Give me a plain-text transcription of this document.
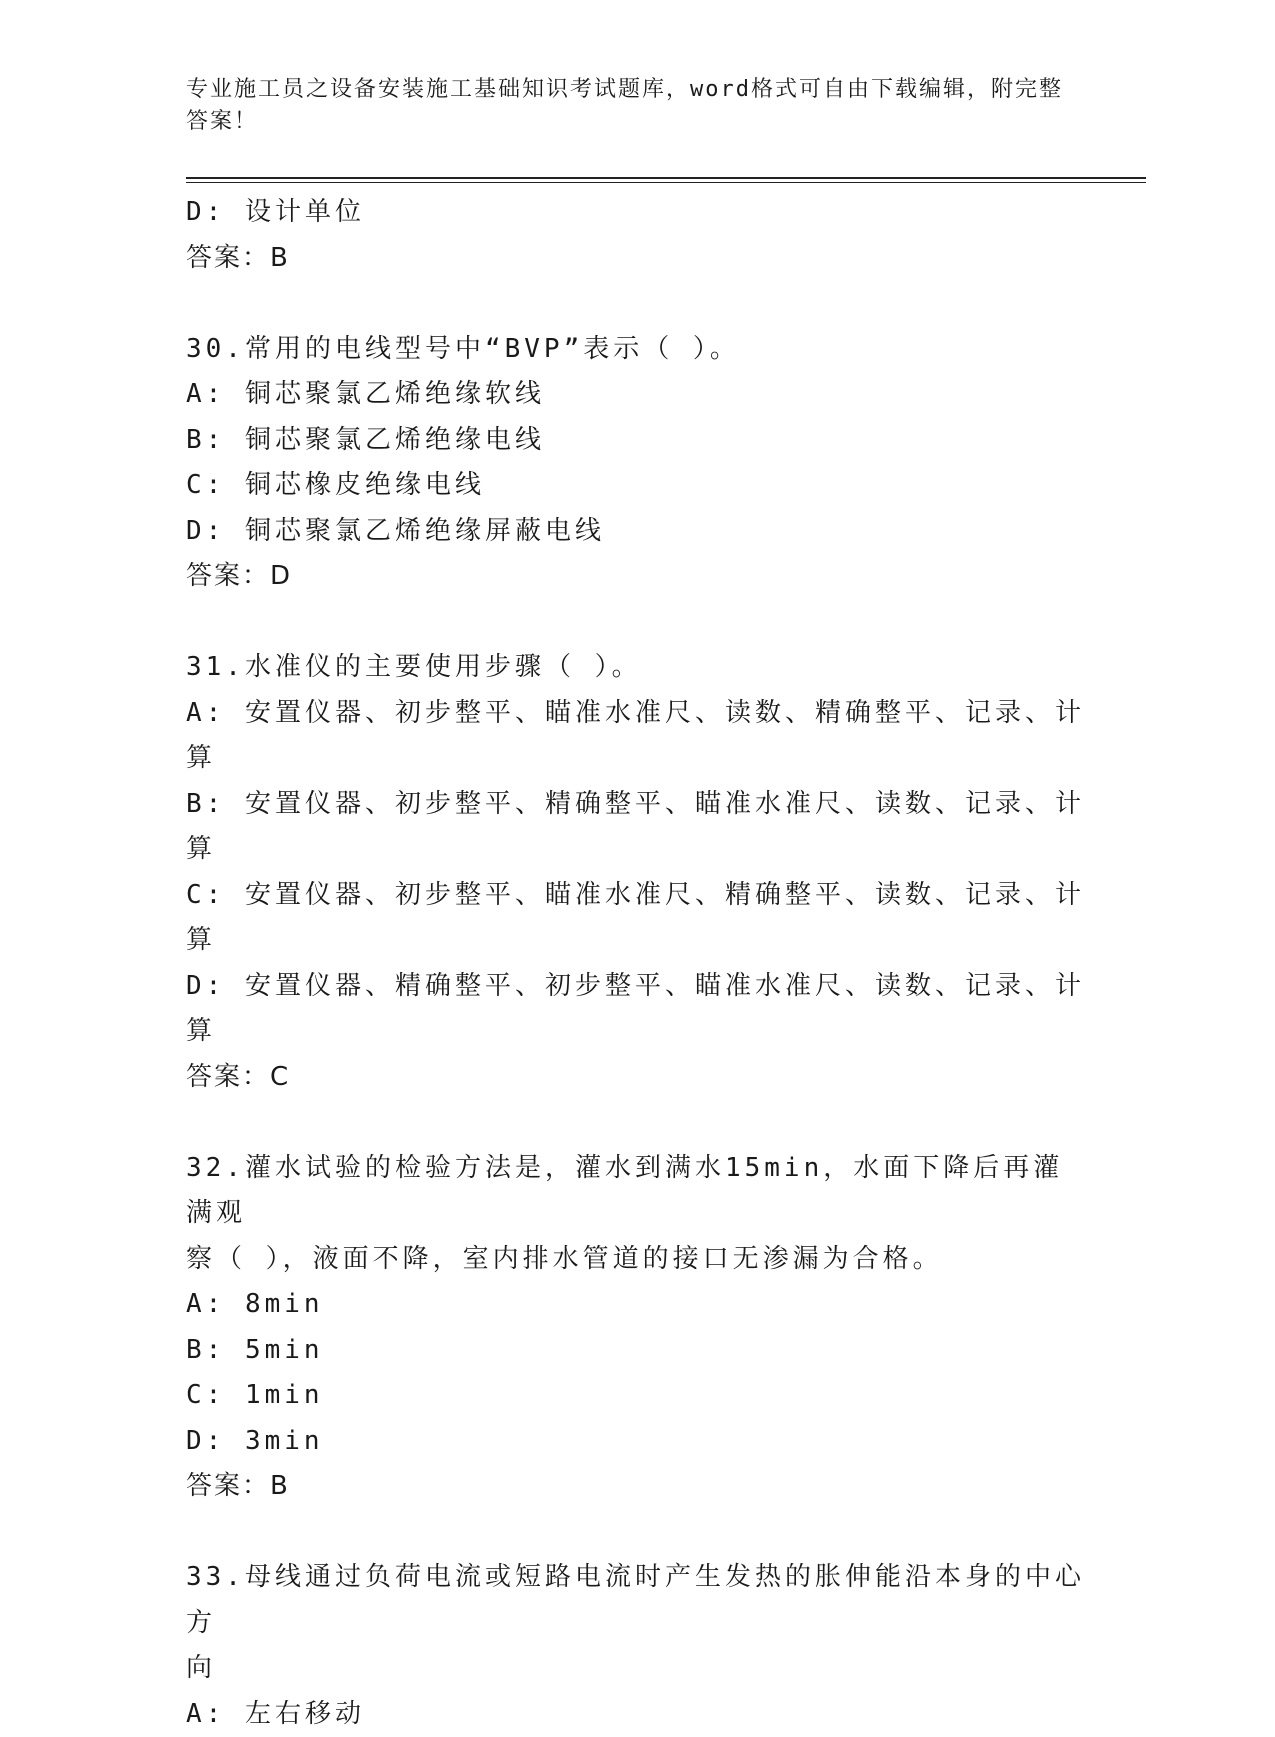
专业施工员之设备安装施工基础知识考试题库，word格式可自由下载编辑，附完整答案！
D: 设计单位
答案：B
30.常用的电线型号中“BVP”表示（ ）。
A: 铜芯聚氯乙烯绝缘软线
B: 铜芯聚氯乙烯绝缘电线
C: 铜芯橡皮绝缘电线
D: 铜芯聚氯乙烯绝缘屏蔽电线
答案：D
31.水准仪的主要使用步骤（ ）。
A: 安置仪器、初步整平、瞄准水准尺、读数、精确整平、记录、计算
B: 安置仪器、初步整平、精确整平、瞄准水准尺、读数、记录、计算
C: 安置仪器、初步整平、瞄准水准尺、精确整平、读数、记录、计算
D: 安置仪器、精确整平、初步整平、瞄准水准尺、读数、记录、计算
答案：C
32.灌水试验的检验方法是，灌水到满水15min，水面下降后再灌满观
察（ ），液面不降，室内排水管道的接口无渗漏为合格。
A: 8min
B: 5min
C: 1min
D: 3min
答案：B
33.母线通过负荷电流或短路电流时产生发热的胀伸能沿本身的中心方
向
A: 左右移动
